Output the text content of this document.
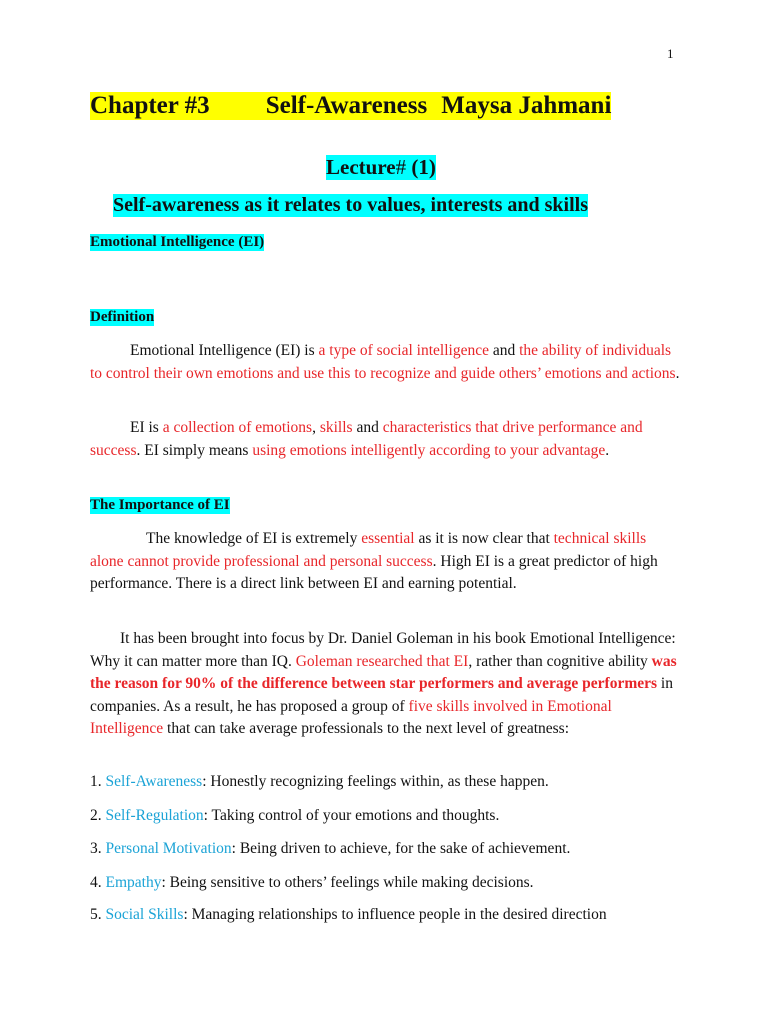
1
Chapter #3 Self-Awareness Maysa Jahmani
Lecture# (1)
Self-awareness as it relates to values, interests and skills
Emotional Intelligence (EI)
Definition
Emotional Intelligence (EI) is a type of social intelligence and the ability of individuals to control their own emotions and use this to recognize and guide others’ emotions and actions.
EI is a collection of emotions, skills and characteristics that drive performance and success. EI simply means using emotions intelligently according to your advantage.
The Importance of EI
The knowledge of EI is extremely essential as it is now clear that technical skills alone cannot provide professional and personal success. High EI is a great predictor of high performance. There is a direct link between EI and earning potential.
It has been brought into focus by Dr. Daniel Goleman in his book Emotional Intelligence: Why it can matter more than IQ. Goleman researched that EI, rather than cognitive ability was the reason for 90% of the difference between star performers and average performers in companies. As a result, he has proposed a group of five skills involved in Emotional Intelligence that can take average professionals to the next level of greatness:
1. Self-Awareness: Honestly recognizing feelings within, as these happen.
2. Self-Regulation: Taking control of your emotions and thoughts.
3. Personal Motivation: Being driven to achieve, for the sake of achievement.
4. Empathy: Being sensitive to others’ feelings while making decisions.
5. Social Skills: Managing relationships to influence people in the desired direction
